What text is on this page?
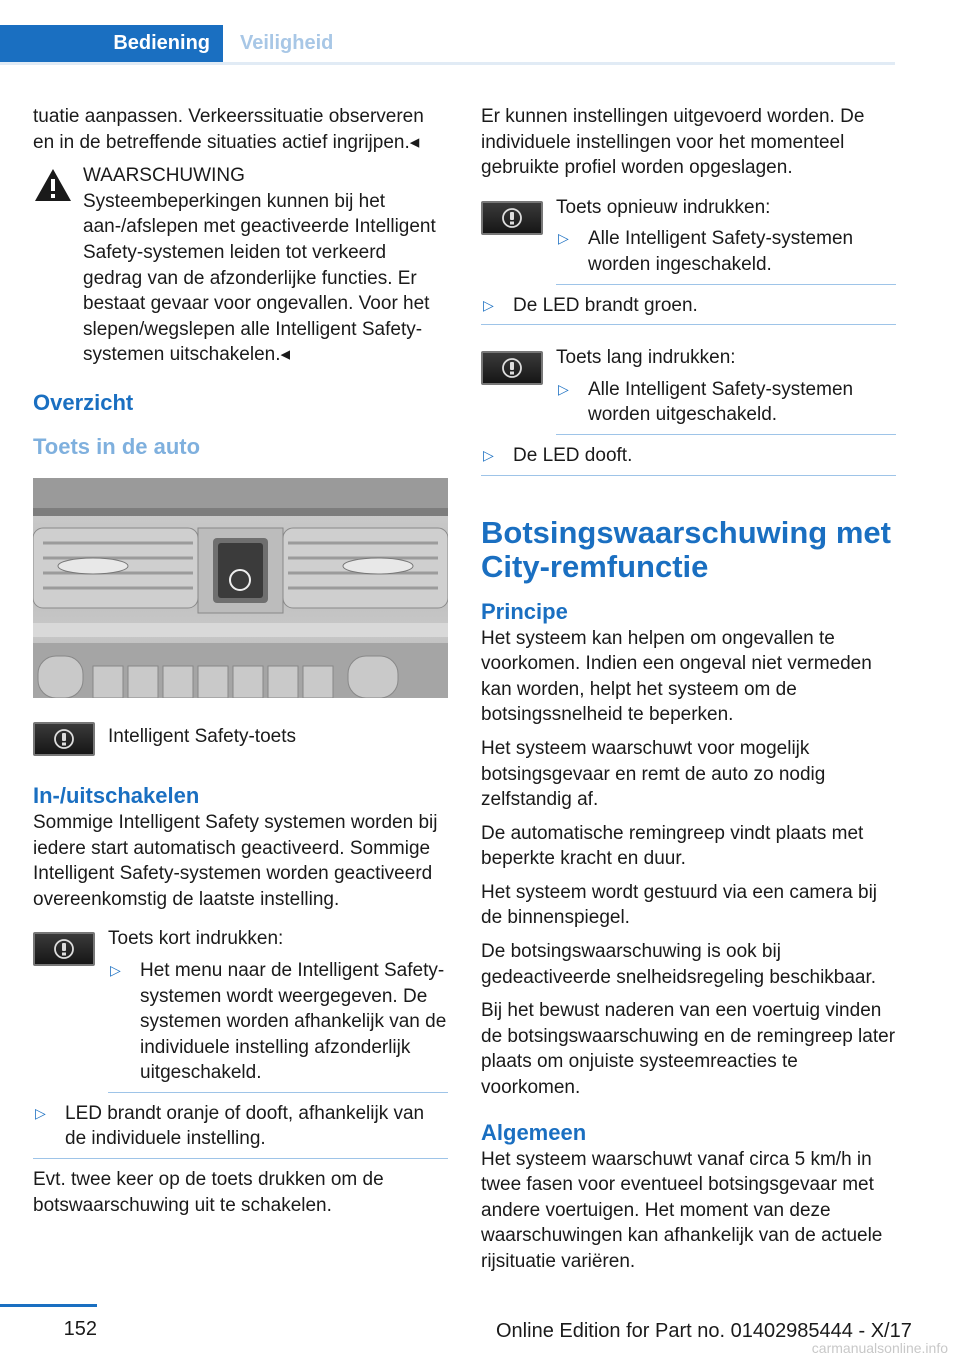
Bediening	Veiligheid

tuatie aanpassen. Verkeerssituatie observeren en in de betreffende situaties actief ingrijpen.◂

WAARSCHUWING
Systeembeperkingen kunnen bij het aan-/afslepen met geactiveerde Intelligent Safety-systemen leiden tot verkeerd gedrag van de afzonderlijke functies. Er bestaat gevaar voor ongevallen. Voor het slepen/wegslepen alle Intelligent Safety-systemen uitschakelen.◂
Overzicht
Toets in de auto
Intelligent Safety-toets
In-/uitschakelen

Sommige Intelligent Safety systemen worden bij iedere start automatisch geactiveerd. Sommige Intelligent Safety-systemen worden geactiveerd overeenkomstig de laatste instelling.

Toets kort indrukken:
▷ Het menu naar de Intelligent Safety-systemen wordt weergegeven. De systemen worden afhankelijk van de individuele instelling afzonderlijk uitgeschakeld.
▷ LED brandt oranje of dooft, afhankelijk van de individuele instelling.

Evt. twee keer op de toets drukken om de botswaarschuwing uit te schakelen.

Er kunnen instellingen uitgevoerd worden. De individuele instellingen voor het momenteel gebruikte profiel worden opgeslagen.

Toets opnieuw indrukken:
▷ Alle Intelligent Safety-systemen worden ingeschakeld.
▷ De LED brandt groen.
Toets lang indrukken:
▷ Alle Intelligent Safety-systemen worden uitgeschakeld.
▷ De LED dooft.
Botsingswaarschuwing met City-remfunctie
Principe

Het systeem kan helpen om ongevallen te voorkomen. Indien een ongeval niet vermeden kan worden, helpt het systeem om de botsingssnelheid te beperken.

Het systeem waarschuwt voor mogelijk botsingsgevaar en remt de auto zo nodig zelfstandig af.

De automatische remingreep vindt plaats met beperkte kracht en duur.

Het systeem wordt gestuurd via een camera bij de binnenspiegel.

De botsingswaarschuwing is ook bij gedeactiveerde snelheidsregeling beschikbaar.

Bij het bewust naderen van een voertuig vinden de botsingswaarschuwing en de remingreep later plaats om onjuiste systeemreacties te voorkomen.

Algemeen

Het systeem waarschuwt vanaf circa 5 km/h in twee fasen voor eventueel botsingsgevaar met andere voertuigen. Het moment van deze waarschuwingen kan afhankelijk van de actuele rijsituatie variëren.

152	Online Edition for Part no. 01402985444 - X/17
carmanualsonline.info
